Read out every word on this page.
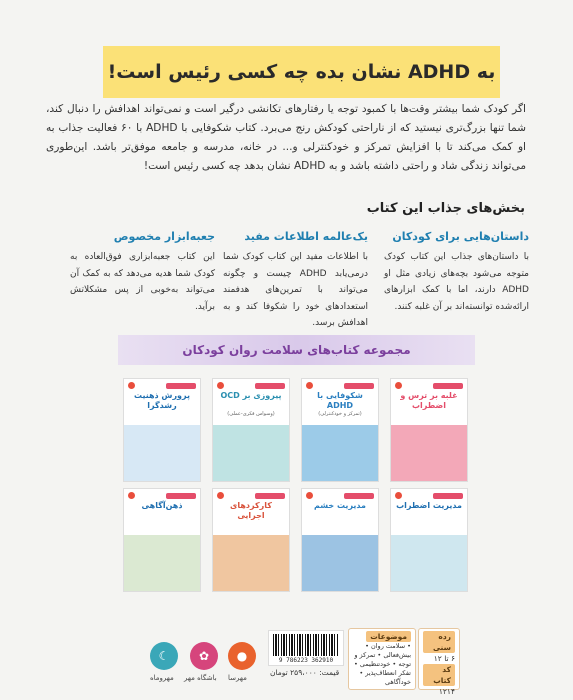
به ADHD نشان بده چه کسی رئیس است!

اگر کودک شما بیشتر وقت‌ها با کمبود توجه یا رفتارهای تکانشی درگیر است و نمی‌تواند اهدافش را دنبال کند، شما تنها بزرگ‌تری نیستید که از ناراحتی کودکش رنج می‌برد. کتاب شکوفایی با ADHD با ۶۰ فعالیت جذاب به او کمک می‌کند تا با افزایش تمرکز و خودکنترلی و... در خانه، مدرسه و جامعه موفق‌تر باشد. این‌طوری می‌تواند زندگی شاد و راحتی داشته باشد و به ADHD نشان بدهد چه کسی رئیس است!

بخش‌های جذاب این کتاب
داستان‌هایی برای کودکان

با داستان‌های جذاب این کتاب کودک متوجه می‌شود بچه‌های زیادی مثل او ADHD دارند، اما با کمک ابزارهای ارائه‌شده توانسته‌اند بر آن غلبه کنند.

یک‌عالمه اطلاعات مفید

با اطلاعات مفید این کتاب کودک شما درمی‌یابد ADHD چیست و چگونه می‌تواند با تمرین‌های هدفمند استعدادهای خود را شکوفا کند و به اهدافش برسد.

جعبه‌ابزار مخصوص

این کتاب جعبه‌ابزاری فوق‌العاده به کودک شما هدیه می‌دهد که به کمک آن می‌تواند به‌خوبی از پس مشکلاتش برآید.

مجموعه کتاب‌های سلامت روان کودکان
غلبه بر ترس و اضطراب
شکوفایی با ADHD
(تمرکز و خودکنترلی)
پیروزی بر OCD
(وسواس فکری-عملی)
پرورش ذهنیت رشدگرا
مدیریت اضطراب
مدیریت خشم
کارکردهای اجرایی
ذهن‌آگاهی
رده سنی
۶ تا ۱۲
کد کتاب
۱۲۱۴
موضوعات
• سلامت روان • بیش‌فعالی • تمرکز و توجه • خودتنظیمی • تفکر انعطاف‌پذیر • خودآگاهی
9 786223 362910
قیمت: ۲۵۹،۰۰۰ تومان
●
مهرسا
✿
باشگاه مهر
☾
مهروماه
